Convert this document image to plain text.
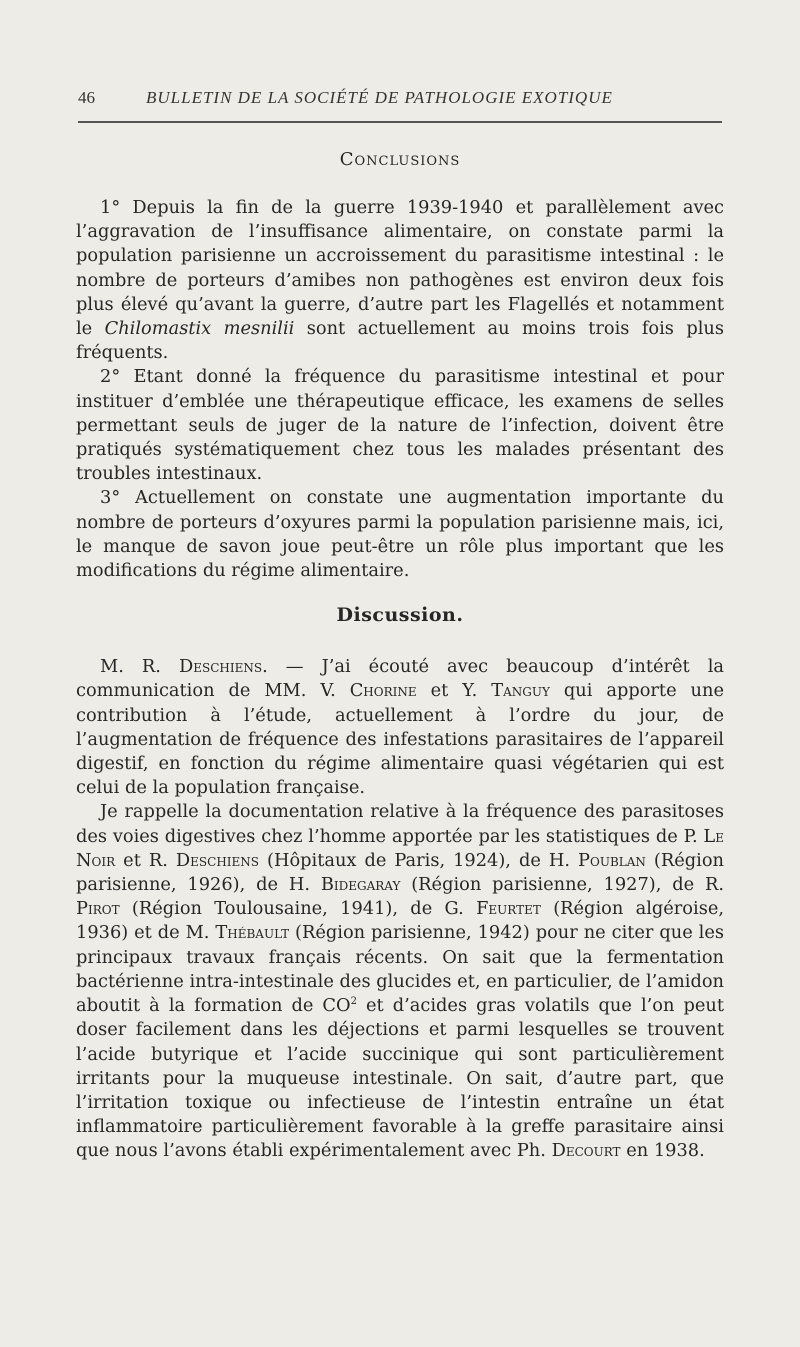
46	BULLETIN DE LA SOCIÉTÉ DE PATHOLOGIE EXOTIQUE
Conclusions

1° Depuis la fin de la guerre 1939-1940 et parallèlement avec l’aggravation de l’insuffisance alimentaire, on constate parmi la population parisienne un accroissement du parasitisme intestinal : le nombre de porteurs d’amibes non pathogènes est environ deux fois plus élevé qu’avant la guerre, d’autre part les Flagellés et notamment le Chilomastix mesnilii sont actuellement au moins trois fois plus fréquents.

2° Etant donné la fréquence du parasitisme intestinal et pour instituer d’emblée une thérapeutique efficace, les examens de selles permettant seuls de juger de la nature de l’infection, doivent être pratiqués systématiquement chez tous les malades présentant des troubles intestinaux.

3° Actuellement on constate une augmentation importante du nombre de porteurs d’oxyures parmi la population parisienne mais, ici, le manque de savon joue peut-être un rôle plus important que les modifications du régime alimentaire.

Discussion.

M. R. Deschiens. — J’ai écouté avec beaucoup d’intérêt la communication de MM. V. Chorine et Y. Tanguy qui apporte une contribution à l’étude, actuellement à l’ordre du jour, de l’augmentation de fréquence des infestations parasitaires de l’appareil digestif, en fonction du régime alimentaire quasi végétarien qui est celui de la population française.

Je rappelle la documentation relative à la fréquence des parasitoses des voies digestives chez l’homme apportée par les statistiques de P. Le Noir et R. Deschiens (Hôpitaux de Paris, 1924), de H. Poublan (Région parisienne, 1926), de H. Bidegaray (Région parisienne, 1927), de R. Pirot (Région Toulousaine, 1941), de G. Feurtet (Région algéroise, 1936) et de M. Thébault (Région parisienne, 1942) pour ne citer que les principaux travaux français récents. On sait que la fermentation bactérienne intra-intestinale des glucides et, en particulier, de l’amidon aboutit à la formation de $CO^2$ et d’acides gras volatils que l’on peut doser facilement dans les déjections et parmi lesquelles se trouvent l’acide butyrique et l’acide succinique qui sont particulièrement irritants pour la muqueuse intestinale. On sait, d’autre part, que l’irritation toxique ou infectieuse de l’intestin entraîne un état inflammatoire particulièrement favorable à la greffe parasitaire ainsi que nous l’avons établi expérimentalement avec Ph. Decourt en 1938.
